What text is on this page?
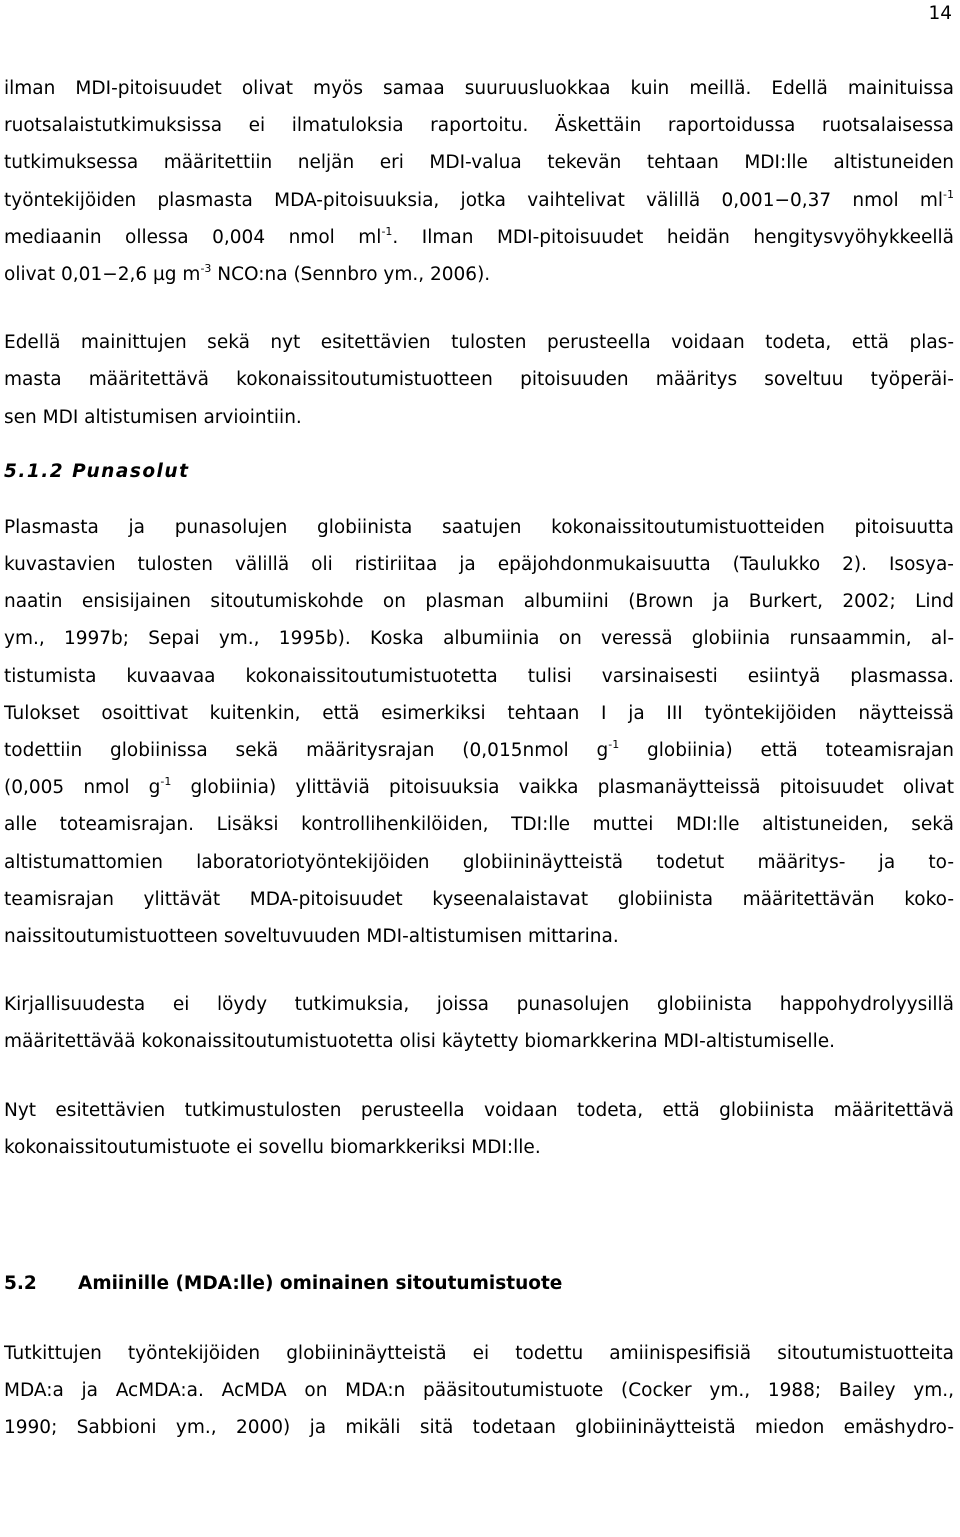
14
ilman MDI-pitoisuudet olivat myös samaa suuruusluokkaa kuin meillä. Edellä mainituissa
ruotsalaistutkimuksissa ei ilmatuloksia raportoitu. Äskettäin raportoidussa ruotsalaisessa
tutkimuksessa määritettiin neljän eri MDI-valua tekevän tehtaan MDI:lle altistuneiden
työntekijöiden plasmasta MDA-pitoisuuksia, jotka vaihtelivat välillä 0,001−0,37 nmol $ml^{-1}$
mediaanin ollessa 0,004 nmol $ml^{-1}$. Ilman MDI-pitoisuudet heidän hengitysvyöhykkeellä
olivat 0,01−2,6 µg $m^{-3}$ NCO:na (Sennbro ym., 2006).
Edellä mainittujen sekä nyt esitettävien tulosten perusteella voidaan todeta, että plas-
masta määritettävä kokonaissitoutumistuotteen pitoisuuden määritys soveltuu työperäi-
sen MDI altistumisen arviointiin.
5.1.2 Punasolut
Plasmasta ja punasolujen globiinista saatujen kokonaissitoutumistuotteiden pitoisuutta
kuvastavien tulosten välillä oli ristiriitaa ja epäjohdonmukaisuutta (Taulukko 2). Isosya-
naatin ensisijainen sitoutumiskohde on plasman albumiini (Brown ja Burkert, 2002; Lind
ym., 1997b; Sepai ym., 1995b). Koska albumiinia on veressä globiinia runsaammin, al-
tistumista kuvaavaa kokonaissitoutumistuotetta tulisi varsinaisesti esiintyä plasmassa.
Tulokset osoittivat kuitenkin, että esimerkiksi tehtaan I ja III työntekijöiden näytteissä
todettiin globiinissa sekä määritysrajan (0,015nmol $g^{-1}$ globiinia) että toteamisrajan
(0,005 nmol $g^{-1}$ globiinia) ylittäviä pitoisuuksia vaikka plasmanäytteissä pitoisuudet olivat
alle toteamisrajan. Lisäksi kontrollihenkilöiden, TDI:lle muttei MDI:lle altistuneiden, sekä
altistumattomien laboratoriotyöntekijöiden globiininäytteistä todetut määritys- ja to-
teamisrajan ylittävät MDA-pitoisuudet kyseenalaistavat globiinista määritettävän koko-
naissitoutumistuotteen soveltuvuuden MDI-altistumisen mittarina.
Kirjallisuudesta ei löydy tutkimuksia, joissa punasolujen globiinista happohydrolyysillä
määritettävää kokonaissitoutumistuotetta olisi käytetty biomarkkerina MDI-altistumiselle.
Nyt esitettävien tutkimustulosten perusteella voidaan todeta, että globiinista määritettävä
kokonaissitoutumistuote ei sovellu biomarkkeriksi MDI:lle.
5.2 Amiinille (MDA:lle) ominainen sitoutumistuote
Tutkittujen työntekijöiden globiininäytteistä ei todettu amiinispesifisiä sitoutumistuotteita
MDA:a ja AcMDA:a. AcMDA on MDA:n pääsitoutumistuote (Cocker ym., 1988; Bailey ym.,
1990; Sabbioni ym., 2000) ja mikäli sitä todetaan globiininäytteistä miedon emäshydro-
